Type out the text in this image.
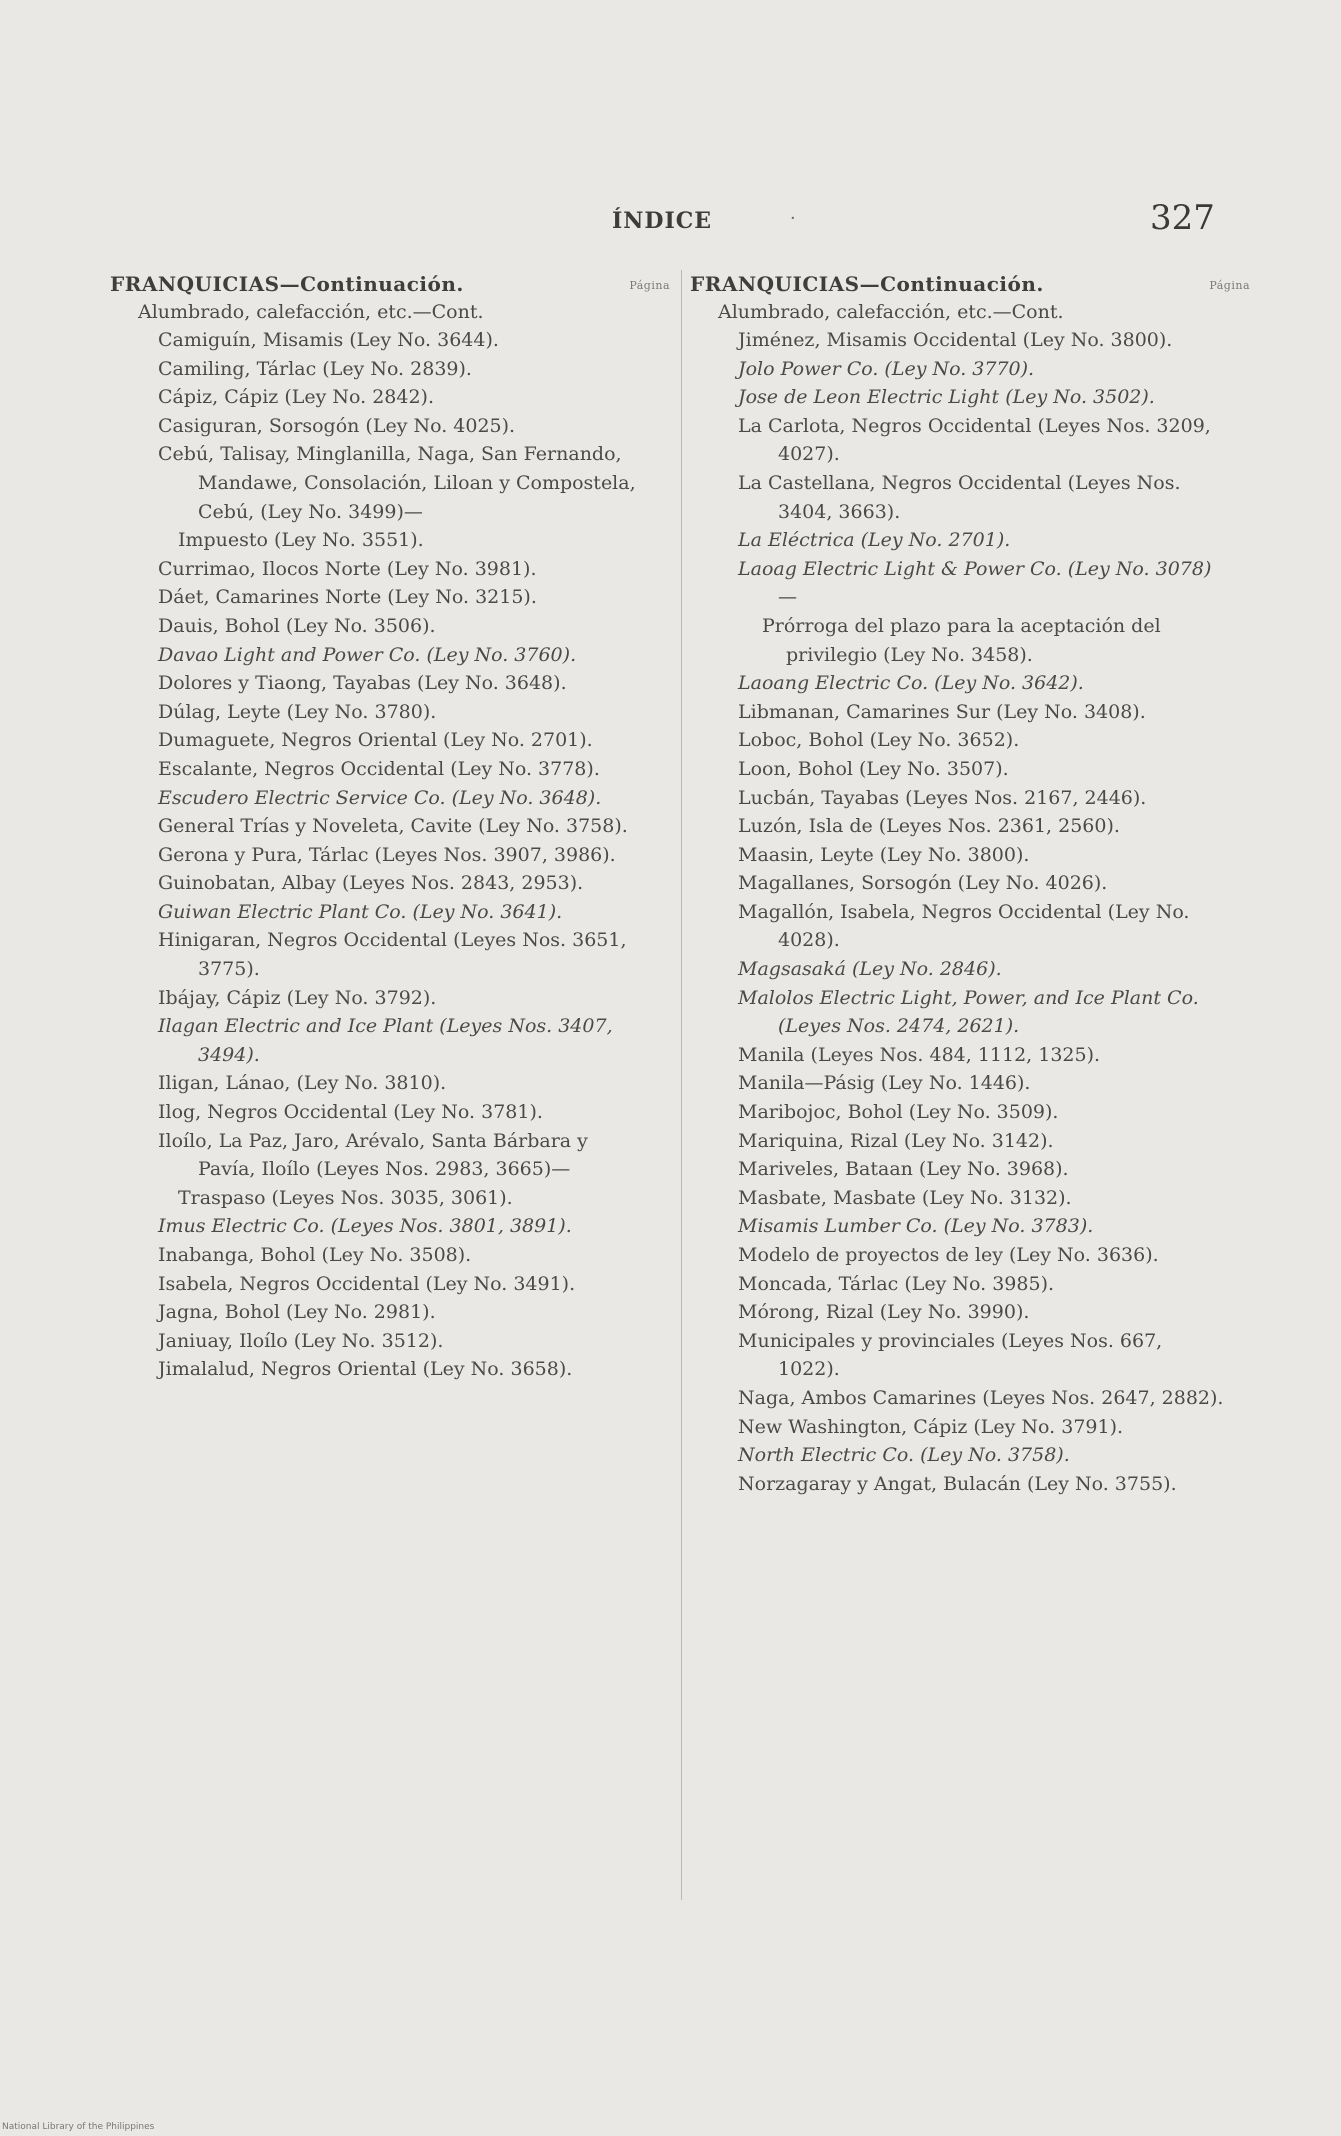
ÍNDICE	·	327
FRANQUICIAS—Continuación.	Página
Alumbrado, calefacción, etc.—Cont.
Camiguín, Misamis (Ley No. 3644).
Camiling, Tárlac (Ley No. 2839).
Cápiz, Cápiz (Ley No. 2842).
Casiguran, Sorsogón (Ley No. 4025).
Cebú, Talisay, Minglanilla, Naga, San Fernando, Mandawe, Consolación, Liloan y Compostela, Cebú, (Ley No. 3499)—
Impuesto (Ley No. 3551).
Currimao, Ilocos Norte (Ley No. 3981).
Dáet, Camarines Norte (Ley No. 3215).
Dauis, Bohol (Ley No. 3506).
Davao Light and Power Co. (Ley No. 3760).
Dolores y Tiaong, Tayabas (Ley No. 3648).
Dúlag, Leyte (Ley No. 3780).
Dumaguete, Negros Oriental (Ley No. 2701).
Escalante, Negros Occidental (Ley No. 3778).
Escudero Electric Service Co. (Ley No. 3648).
General Trías y Noveleta, Cavite (Ley No. 3758).
Gerona y Pura, Tárlac (Leyes Nos. 3907, 3986).
Guinobatan, Albay (Leyes Nos. 2843, 2953).
Guiwan Electric Plant Co. (Ley No. 3641).
Hinigaran, Negros Occidental (Leyes Nos. 3651, 3775).
Ibájay, Cápiz (Ley No. 3792).
Ilagan Electric and Ice Plant (Leyes Nos. 3407, 3494).
Iligan, Lánao, (Ley No. 3810).
Ilog, Negros Occidental (Ley No. 3781).
Iloílo, La Paz, Jaro, Arévalo, Santa Bárbara y Pavía, Iloílo (Leyes Nos. 2983, 3665)—
Traspaso (Leyes Nos. 3035, 3061).
Imus Electric Co. (Leyes Nos. 3801, 3891).
Inabanga, Bohol (Ley No. 3508).
Isabela, Negros Occidental (Ley No. 3491).
Jagna, Bohol (Ley No. 2981).
Janiuay, Iloílo (Ley No. 3512).
Jimalalud, Negros Oriental (Ley No. 3658).
FRANQUICIAS—Continuación.	Página
Alumbrado, calefacción, etc.—Cont.
Jiménez, Misamis Occidental (Ley No. 3800).
Jolo Power Co. (Ley No. 3770).
Jose de Leon Electric Light (Ley No. 3502).
La Carlota, Negros Occidental (Leyes Nos. 3209, 4027).
La Castellana, Negros Occidental (Leyes Nos. 3404, 3663).
La Eléctrica (Ley No. 2701).
Laoag Electric Light & Power Co. (Ley No. 3078)—
Prórroga del plazo para la aceptación del privilegio (Ley No. 3458).
Laoang Electric Co. (Ley No. 3642).
Libmanan, Camarines Sur (Ley No. 3408).
Loboc, Bohol (Ley No. 3652).
Loon, Bohol (Ley No. 3507).
Lucbán, Tayabas (Leyes Nos. 2167, 2446).
Luzón, Isla de (Leyes Nos. 2361, 2560).
Maasin, Leyte (Ley No. 3800).
Magallanes, Sorsogón (Ley No. 4026).
Magallón, Isabela, Negros Occidental (Ley No. 4028).
Magsasaká (Ley No. 2846).
Malolos Electric Light, Power, and Ice Plant Co. (Leyes Nos. 2474, 2621).
Manila (Leyes Nos. 484, 1112, 1325).
Manila—Pásig (Ley No. 1446).
Maribojoc, Bohol (Ley No. 3509).
Mariquina, Rizal (Ley No. 3142).
Mariveles, Bataan (Ley No. 3968).
Masbate, Masbate (Ley No. 3132).
Misamis Lumber Co. (Ley No. 3783).
Modelo de proyectos de ley (Ley No. 3636).
Moncada, Tárlac (Ley No. 3985).
Mórong, Rizal (Ley No. 3990).
Municipales y provinciales (Leyes Nos. 667, 1022).
Naga, Ambos Camarines (Leyes Nos. 2647, 2882).
New Washington, Cápiz (Ley No. 3791).
North Electric Co. (Ley No. 3758).
Norzagaray y Angat, Bulacán (Ley No. 3755).
National Library of the Philippines
